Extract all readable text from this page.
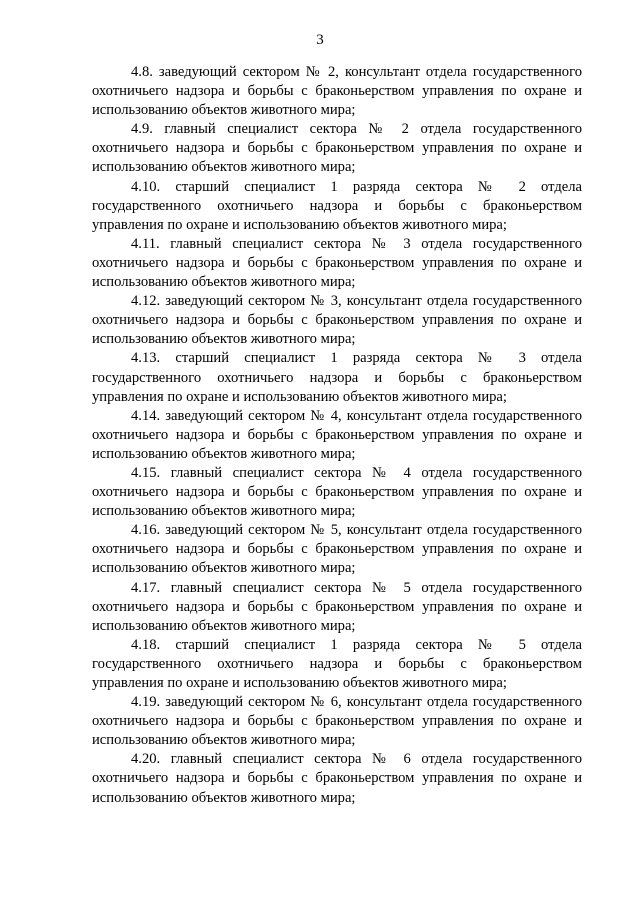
3

4.8. заведующий сектором № 2, консультант отдела государственного охотничьего надзора и борьбы с браконьерством управления по охране и использованию объектов животного мира;

4.9. главный специалист сектора № 2 отдела государственного охотничьего надзора и борьбы с браконьерством управления по охране и использованию объектов животного мира;

4.10. старший специалист 1 разряда сектора № 2 отдела государственного охотничьего надзора и борьбы с браконьерством управления по охране и использованию объектов животного мира;

4.11. главный специалист сектора № 3 отдела государственного охотничьего надзора и борьбы с браконьерством управления по охране и использованию объектов животного мира;

4.12. заведующий сектором № 3, консультант отдела государственного охотничьего надзора и борьбы с браконьерством управления по охране и использованию объектов животного мира;

4.13. старший специалист 1 разряда сектора № 3 отдела государственного охотничьего надзора и борьбы с браконьерством управления по охране и использованию объектов животного мира;

4.14. заведующий сектором № 4, консультант отдела государственного охотничьего надзора и борьбы с браконьерством управления по охране и использованию объектов животного мира;

4.15. главный специалист сектора № 4 отдела государственного охотничьего надзора и борьбы с браконьерством управления по охране и использованию объектов животного мира;

4.16. заведующий сектором № 5, консультант отдела государственного охотничьего надзора и борьбы с браконьерством управления по охране и использованию объектов животного мира;

4.17. главный специалист сектора № 5 отдела государственного охотничьего надзора и борьбы с браконьерством управления по охране и использованию объектов животного мира;

4.18. старший специалист 1 разряда сектора № 5 отдела государственного охотничьего надзора и борьбы с браконьерством управления по охране и использованию объектов животного мира;

4.19. заведующий сектором № 6, консультант отдела государственного охотничьего надзора и борьбы с браконьерством управления по охране и использованию объектов животного мира;

4.20. главный специалист сектора № 6 отдела государственного охотничьего надзора и борьбы с браконьерством управления по охране и использованию объектов животного мира;
